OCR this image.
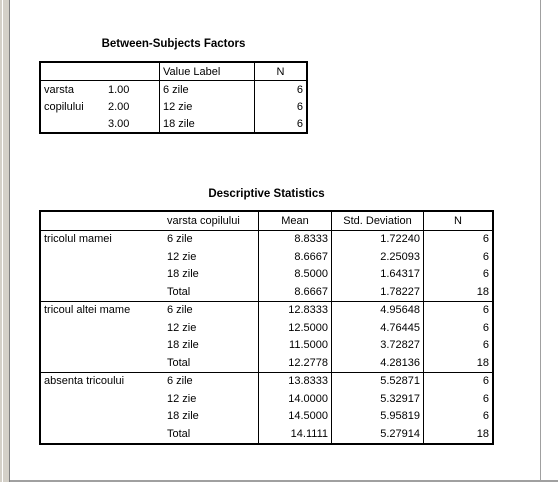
Between-Subjects Factors
		Value Label	N
varsta	1.00	6 zile	6
copilului	2.00	12 zie	6
	3.00	18 zile	6
Descriptive Statistics
	varsta copilului	Mean	Std. Deviation	N
tricolul mamei	6 zile	8.8333	1.72240	6
	12 zie	8.6667	2.25093	6
	18 zile	8.5000	1.64317	6
	Total	8.6667	1.78227	18
tricoul altei mame	6 zile	12.8333	4.95648	6
	12 zie	12.5000	4.76445	6
	18 zile	11.5000	3.72827	6
	Total	12.2778	4.28136	18
absenta tricoului	6 zile	13.8333	5.52871	6
	12 zie	14.0000	5.32917	6
	18 zile	14.5000	5.95819	6
	Total	14.1111	5.27914	18
